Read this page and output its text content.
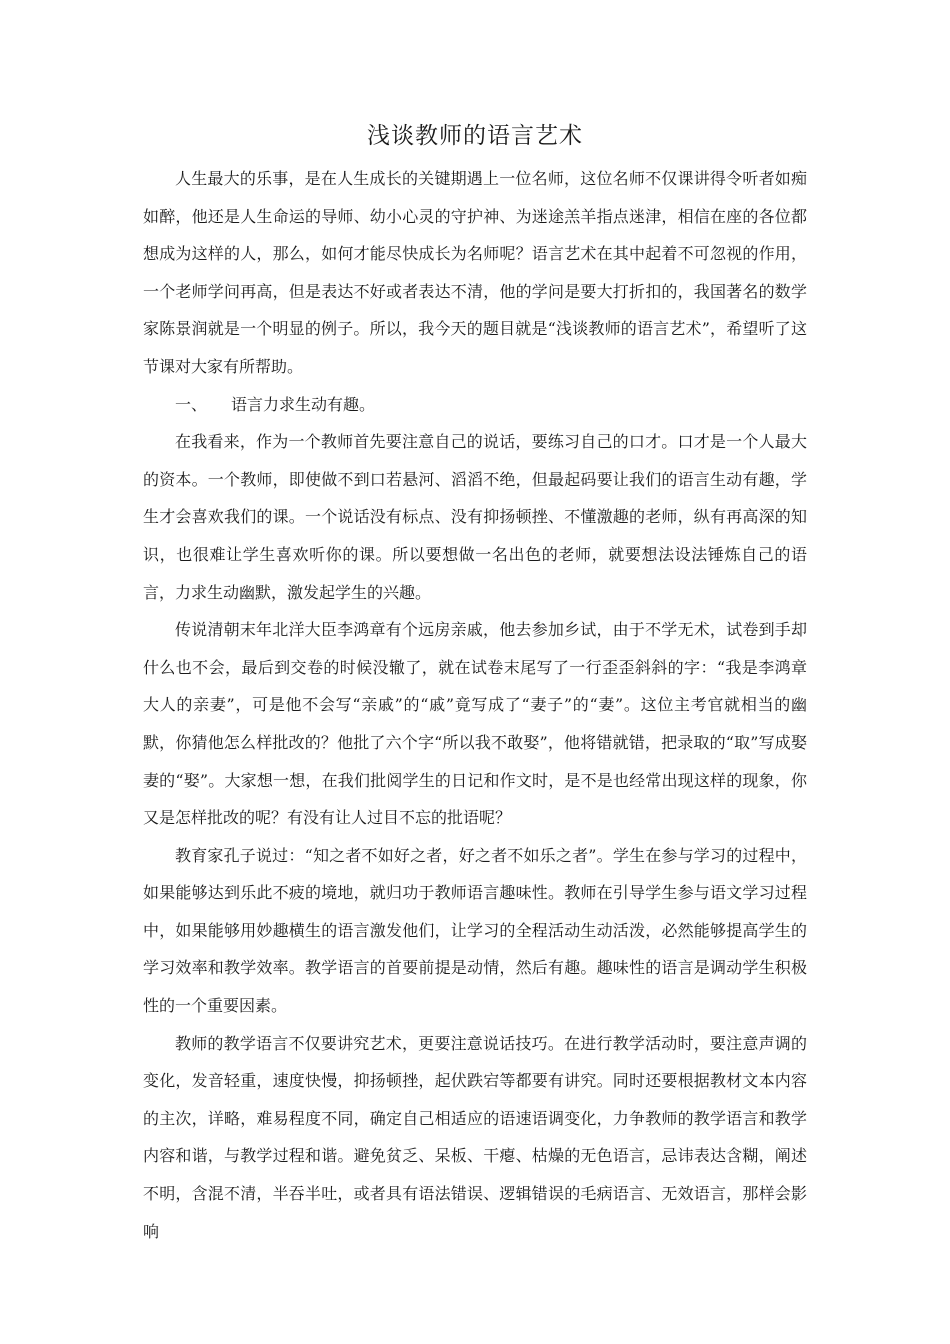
浅谈教师的语言艺术

人生最大的乐事，是在人生成长的关键期遇上一位名师，这位名师不仅课讲得令听者如痴如醉，他还是人生命运的导师、幼小心灵的守护神、为迷途羔羊指点迷津，相信在座的各位都想成为这样的人，那么，如何才能尽快成长为名师呢？语言艺术在其中起着不可忽视的作用，一个老师学问再高，但是表达不好或者表达不清，他的学问是要大打折扣的，我国著名的数学家陈景润就是一个明显的例子。所以，我今天的题目就是“浅谈教师的语言艺术”，希望听了这节课对大家有所帮助。

一、 语言力求生动有趣。

在我看来，作为一个教师首先要注意自己的说话，要练习自己的口才。口才是一个人最大的资本。一个教师，即使做不到口若悬河、滔滔不绝，但最起码要让我们的语言生动有趣，学生才会喜欢我们的课。一个说话没有标点、没有抑扬顿挫、不懂激趣的老师，纵有再高深的知识，也很难让学生喜欢听你的课。所以要想做一名出色的老师，就要想法设法锤炼自己的语言，力求生动幽默，激发起学生的兴趣。

传说清朝末年北洋大臣李鸿章有个远房亲戚，他去参加乡试，由于不学无术，试卷到手却什么也不会，最后到交卷的时候没辙了，就在试卷末尾写了一行歪歪斜斜的字：“我是李鸿章大人的亲妻”，可是他不会写“亲戚”的“戚”竟写成了“妻子”的“妻”。这位主考官就相当的幽默，你猜他怎么样批改的？他批了六个字“所以我不敢娶”，他将错就错，把录取的“取”写成娶妻的“娶”。大家想一想，在我们批阅学生的日记和作文时，是不是也经常出现这样的现象，你又是怎样批改的呢？有没有让人过目不忘的批语呢？

教育家孔子说过：“知之者不如好之者，好之者不如乐之者”。学生在参与学习的过程中，如果能够达到乐此不疲的境地，就归功于教师语言趣味性。教师在引导学生参与语文学习过程中，如果能够用妙趣横生的语言激发他们，让学习的全程活动生动活泼，必然能够提高学生的学习效率和教学效率。教学语言的首要前提是动情，然后有趣。趣味性的语言是调动学生积极性的一个重要因素。

教师的教学语言不仅要讲究艺术，更要注意说话技巧。在进行教学活动时，要注意声调的变化，发音轻重，速度快慢，抑扬顿挫，起伏跌宕等都要有讲究。同时还要根据教材文本内容的主次，详略，难易程度不同，确定自己相适应的语速语调变化，力争教师的教学语言和教学内容和谐，与教学过程和谐。避免贫乏、呆板、干瘪、枯燥的无色语言，忌讳表达含糊，阐述不明，含混不清，半吞半吐，或者具有语法错误、逻辑错误的毛病语言、无效语言，那样会影响
